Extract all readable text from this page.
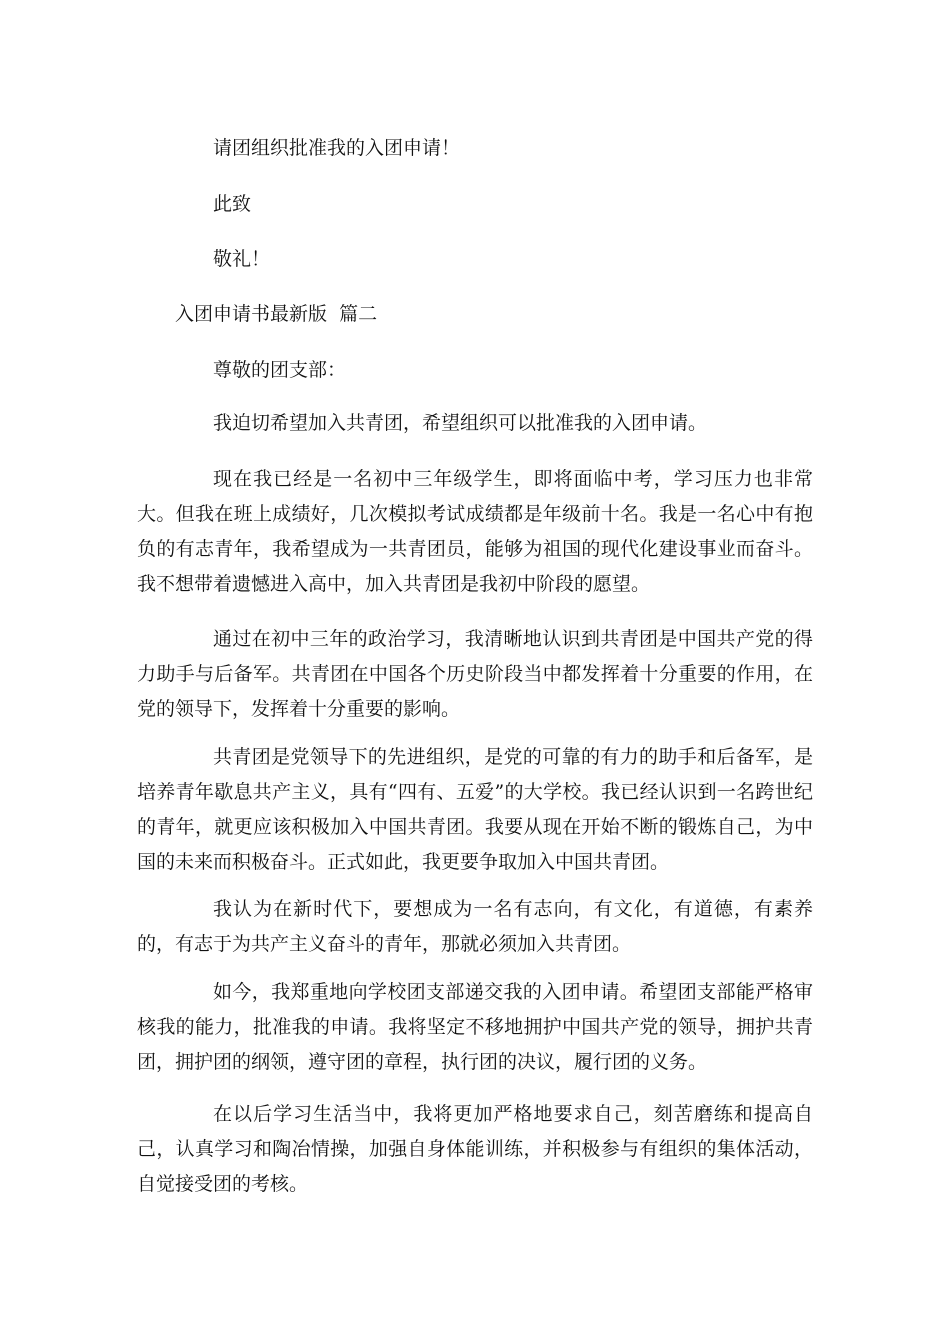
请团组织批准我的入团申请！

此致

敬礼！

入团申请书最新版  篇二

尊敬的团支部：

我迫切希望加入共青团，希望组织可以批准我的入团申请。

现在我已经是一名初中三年级学生，即将面临中考，学习压力也非常大。但我在班上成绩好，几次模拟考试成绩都是年级前十名。我是一名心中有抱负的有志青年，我希望成为一共青团员，能够为祖国的现代化建设事业而奋斗。我不想带着遗憾进入高中，加入共青团是我初中阶段的愿望。

通过在初中三年的政治学习，我清晰地认识到共青团是中国共产党的得力助手与后备军。共青团在中国各个历史阶段当中都发挥着十分重要的作用，在党的领导下，发挥着十分重要的影响。

共青团是党领导下的先进组织，是党的可靠的有力的助手和后备军，是培养青年歇息共产主义，具有“四有、五爱”的大学校。我已经认识到一名跨世纪的青年，就更应该积极加入中国共青团。我要从现在开始不断的锻炼自己，为中国的未来而积极奋斗。正式如此，我更要争取加入中国共青团。

我认为在新时代下，要想成为一名有志向，有文化，有道德，有素养的，有志于为共产主义奋斗的青年，那就必须加入共青团。

如今，我郑重地向学校团支部递交我的入团申请。希望团支部能严格审核我的能力，批准我的申请。我将坚定不移地拥护中国共产党的领导，拥护共青团，拥护团的纲领，遵守团的章程，执行团的决议，履行团的义务。

在以后学习生活当中，我将更加严格地要求自己，刻苦磨练和提高自己，认真学习和陶冶情操，加强自身体能训练，并积极参与有组织的集体活动，自觉接受团的考核。
